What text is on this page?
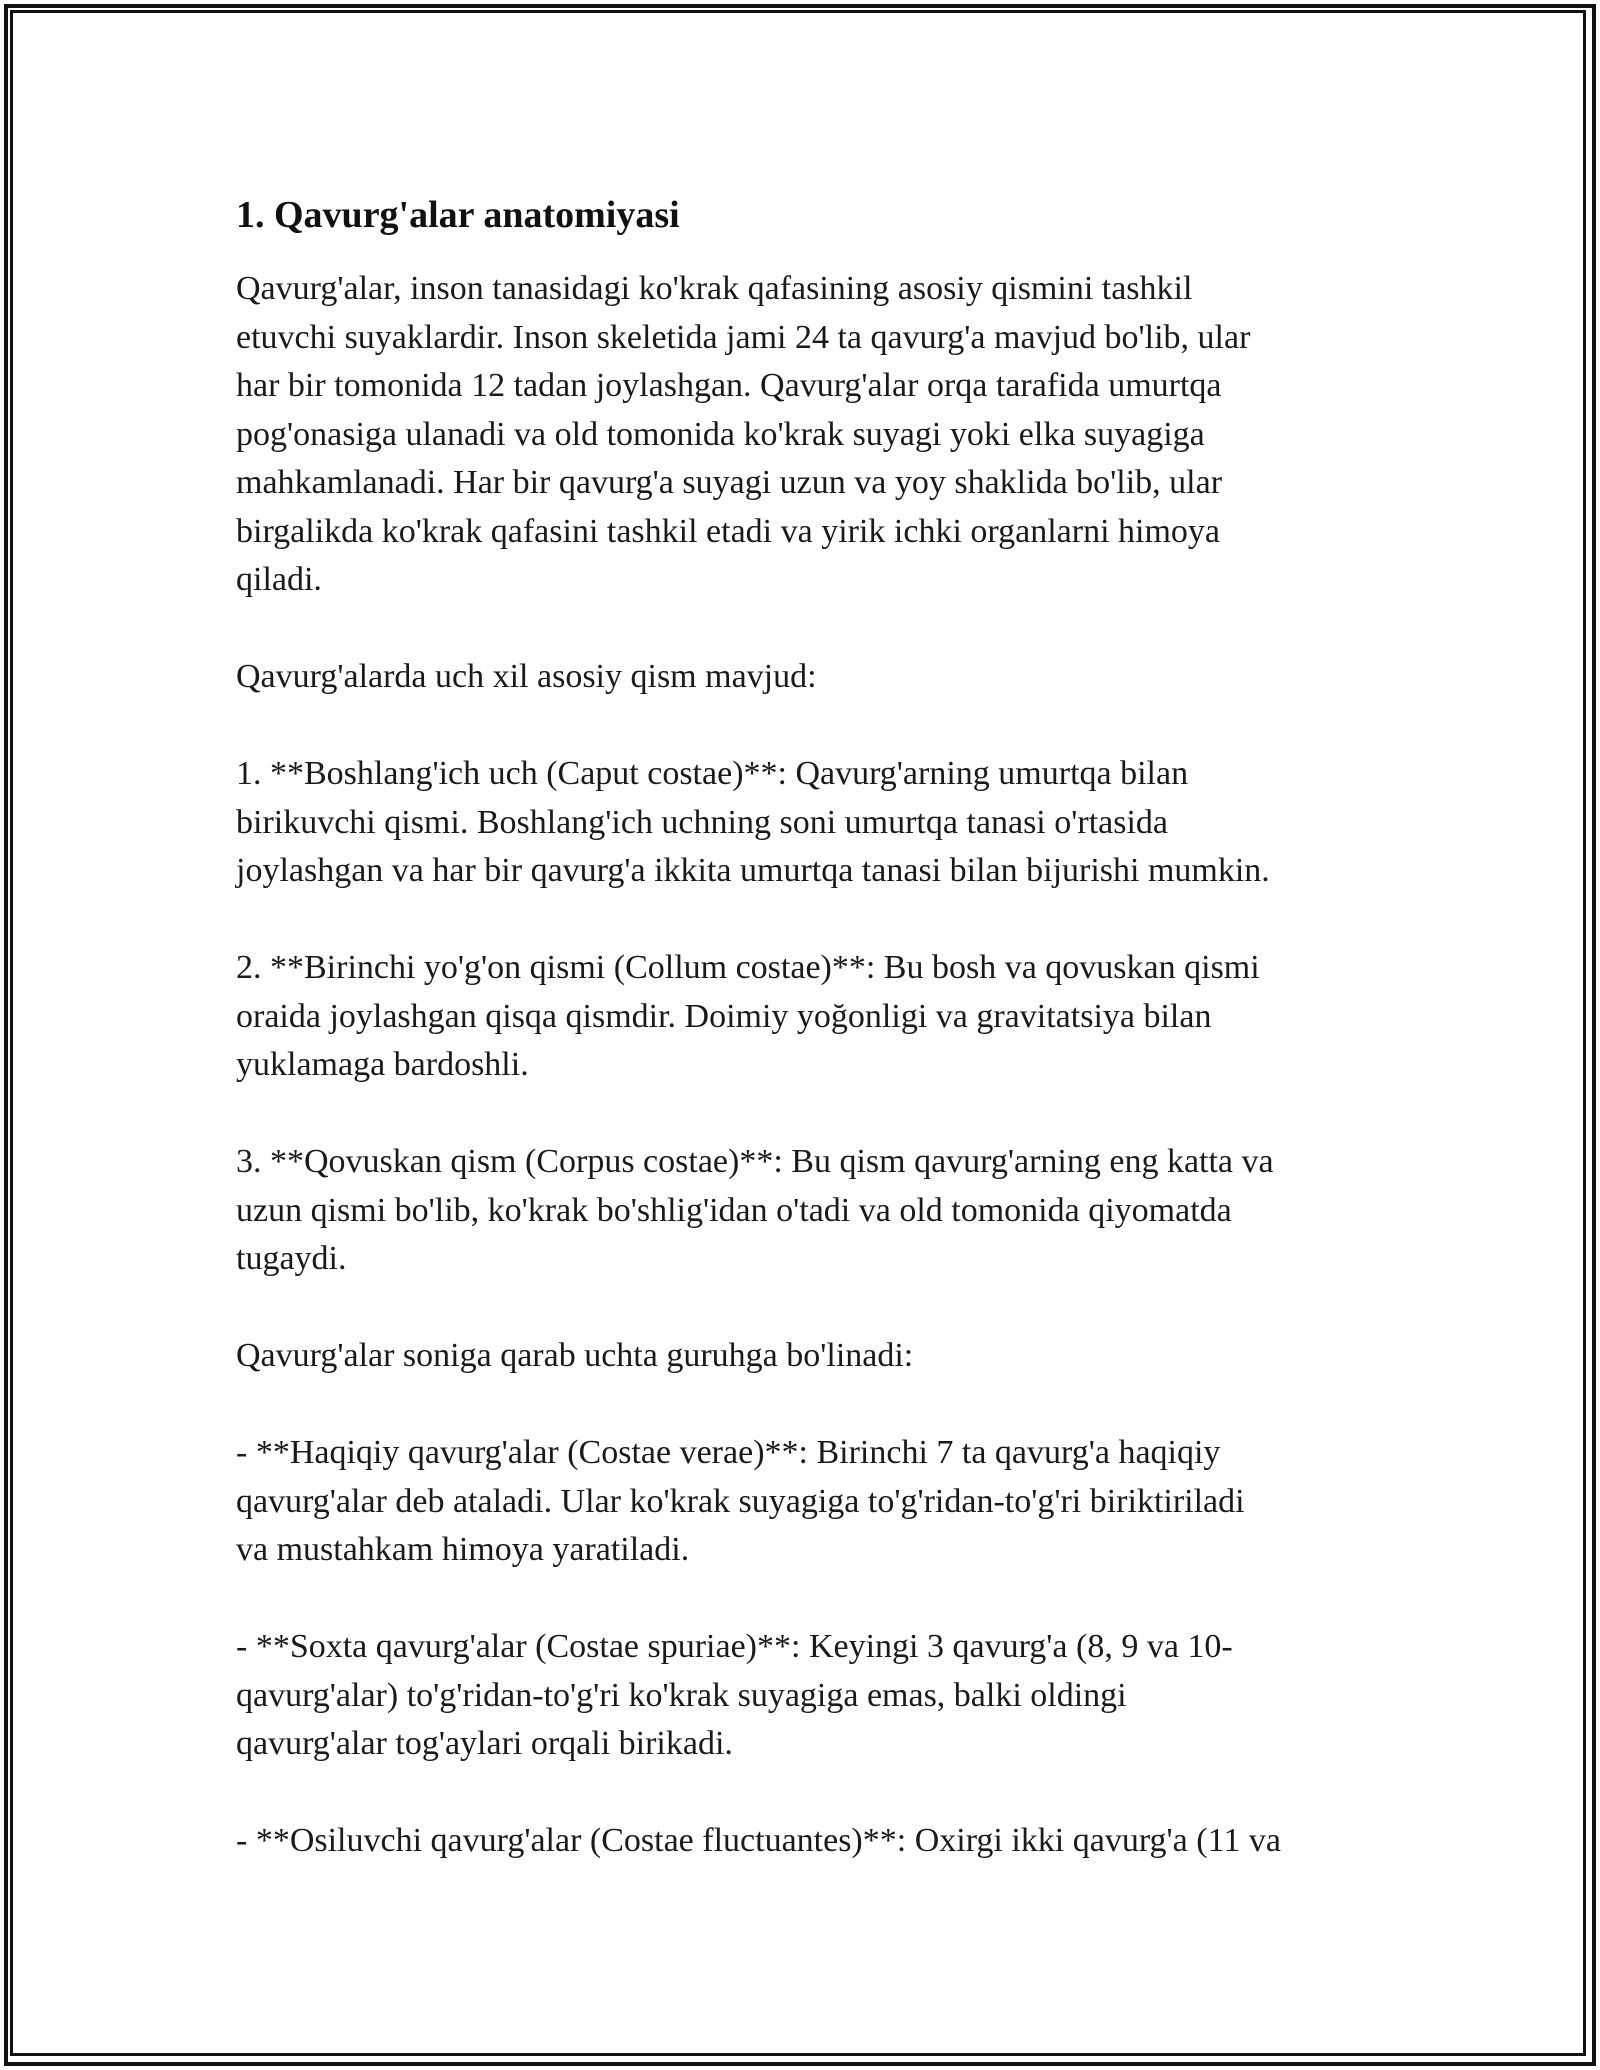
1. Qavurg'alar anatomiyasi

Qavurg'alar, inson tanasidagi ko'krak qafasining asosiy qismini tashkil
etuvchi suyaklardir. Inson skeletida jami 24 ta qavurg'a mavjud bo'lib, ular
har bir tomonida 12 tadan joylashgan. Qavurg'alar orqa tarafida umurtqa
pog'onasiga ulanadi va old tomonida ko'krak suyagi yoki elka suyagiga
mahkamlanadi. Har bir qavurg'a suyagi uzun va yoy shaklida bo'lib, ular
birgalikda ko'krak qafasini tashkil etadi va yirik ichki organlarni himoya
qiladi.

Qavurg'alarda uch xil asosiy qism mavjud:

1. **Boshlang'ich uch (Caput costae)**: Qavurg'arning umurtqa bilan
birikuvchi qismi. Boshlang'ich uchning soni umurtqa tanasi o'rtasida
joylashgan va har bir qavurg'a ikkita umurtqa tanasi bilan bijurishi mumkin.

2. **Birinchi yo'g'on qismi (Collum costae)**: Bu bosh va qovuskan qismi
oraida joylashgan qisqa qismdir. Doimiy yoğonligi va gravitatsiya bilan
yuklamaga bardoshli.

3. **Qovuskan qism (Corpus costae)**: Bu qism qavurg'arning eng katta va
uzun qismi bo'lib, ko'krak bo'shlig'idan o'tadi va old tomonida qiyomatda
tugaydi.

Qavurg'alar soniga qarab uchta guruhga bo'linadi:

- **Haqiqiy qavurg'alar (Costae verae)**: Birinchi 7 ta qavurg'a haqiqiy
qavurg'alar deb ataladi. Ular ko'krak suyagiga to'g'ridan-to'g'ri biriktiriladi
va mustahkam himoya yaratiladi.

- **Soxta qavurg'alar (Costae spuriae)**: Keyingi 3 qavurg'a (8, 9 va 10-
qavurg'alar) to'g'ridan-to'g'ri ko'krak suyagiga emas, balki oldingi
qavurg'alar tog'aylari orqali birikadi.

- **Osiluvchi qavurg'alar (Costae fluctuantes)**: Oxirgi ikki qavurg'a (11 va
